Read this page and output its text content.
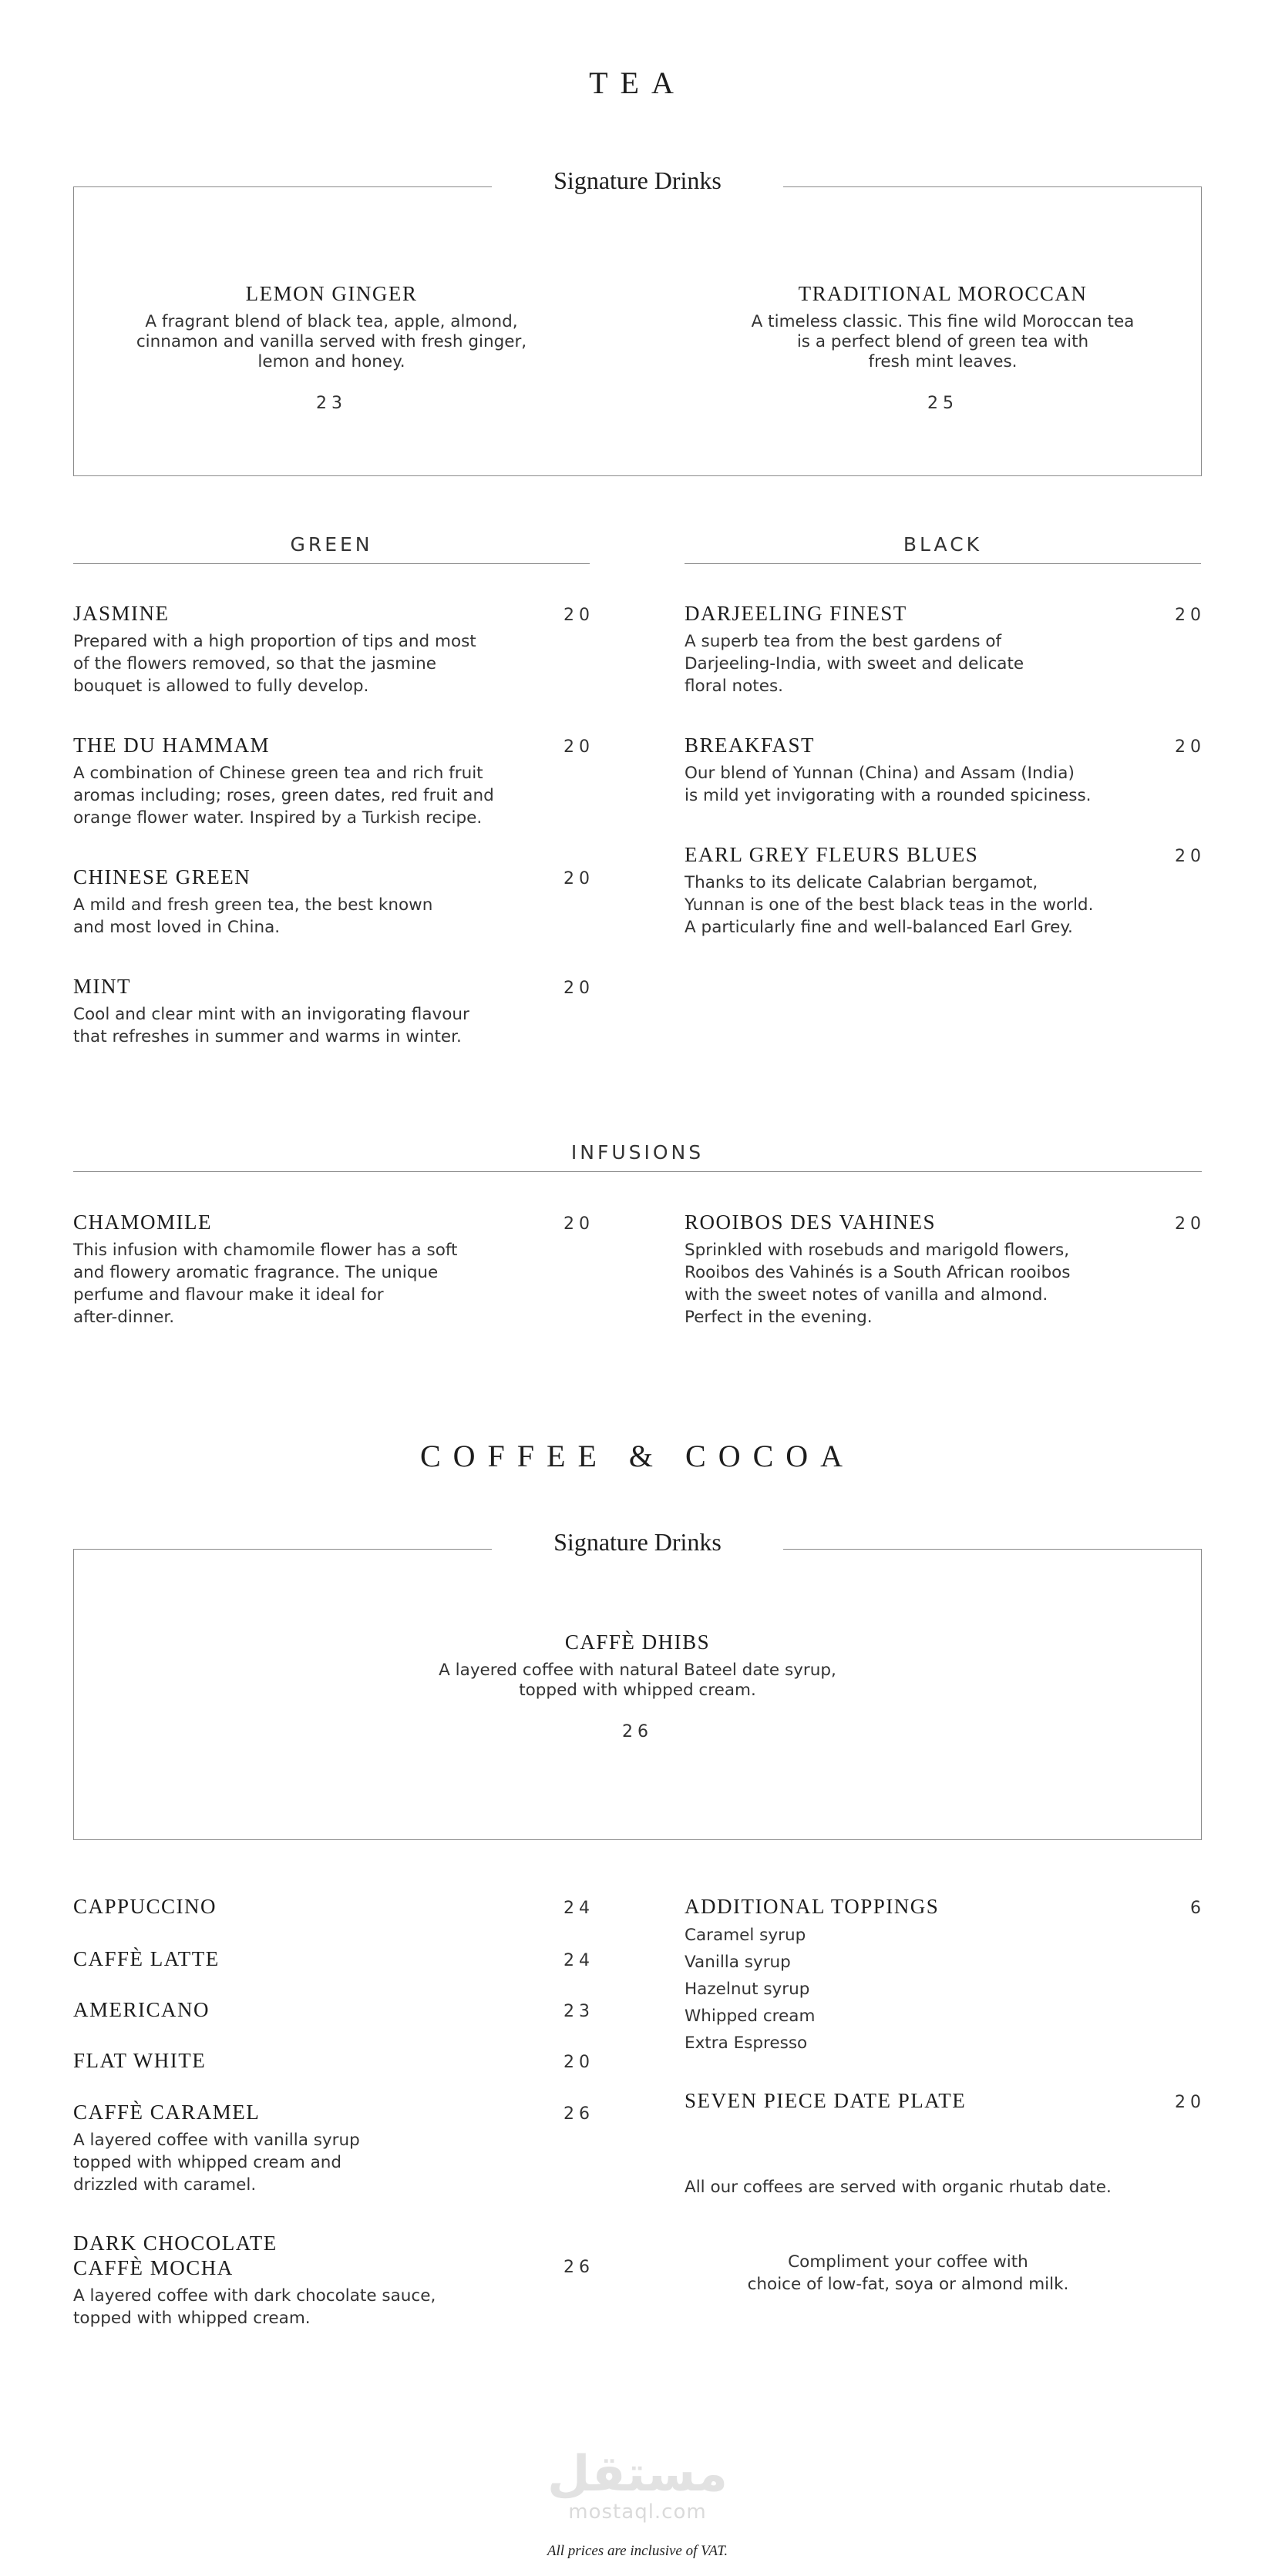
TEA
Signature Drinks
LEMON GINGER
A fragrant blend of black tea, apple, almond,
cinnamon and vanilla served with fresh ginger,
lemon and honey.
23
TRADITIONAL MOROCCAN
A timeless classic. This fine wild Moroccan tea
is a perfect blend of green tea with
fresh mint leaves.
25
GREEN
JASMINE	20
Prepared with a high proportion of tips and most
of the flowers removed, so that the jasmine
bouquet is allowed to fully develop.
THE DU HAMMAM	20
A combination of Chinese green tea and rich fruit
aromas including; roses, green dates, red fruit and
orange flower water. Inspired by a Turkish recipe.
CHINESE GREEN	20
A mild and fresh green tea, the best known
and most loved in China.
MINT	20
Cool and clear mint with an invigorating flavour
that refreshes in summer and warms in winter.
BLACK
DARJEELING FINEST	20
A superb tea from the best gardens of
Darjeeling-India, with sweet and delicate
floral notes.
BREAKFAST	20
Our blend of Yunnan (China) and Assam (India)
is mild yet invigorating with a rounded spiciness.
EARL GREY FLEURS BLUES	20
Thanks to its delicate Calabrian bergamot,
Yunnan is one of the best black teas in the world.
A particularly fine and well-balanced Earl Grey.
INFUSIONS
CHAMOMILE	20
This infusion with chamomile flower has a soft
and flowery aromatic fragrance. The unique
perfume and flavour make it ideal for
after-dinner.
ROOIBOS DES VAHINES	20
Sprinkled with rosebuds and marigold flowers,
Rooibos des Vahinés is a South African rooibos
with the sweet notes of vanilla and almond.
Perfect in the evening.
COFFEE & COCOA
Signature Drinks
CAFFÈ DHIBS
A layered coffee with natural Bateel date syrup,
topped with whipped cream.
26
CAPPUCCINO	24
CAFFÈ LATTE	24
AMERICANO	23
FLAT WHITE	20
CAFFÈ CARAMEL	26
A layered coffee with vanilla syrup
topped with whipped cream and
drizzled with caramel.
DARK CHOCOLATE
CAFFÈ MOCHA	26
A layered coffee with dark chocolate sauce,
topped with whipped cream.
ADDITIONAL TOPPINGS	6
Caramel syrup
Vanilla syrup
Hazelnut syrup
Whipped cream
Extra Espresso
SEVEN PIECE DATE PLATE	20
All our coffees are served with organic rhutab date.
Compliment your coffee with
choice of low-fat, soya or almond milk.
مستقل
mostaql.com
All prices are inclusive of VAT.
